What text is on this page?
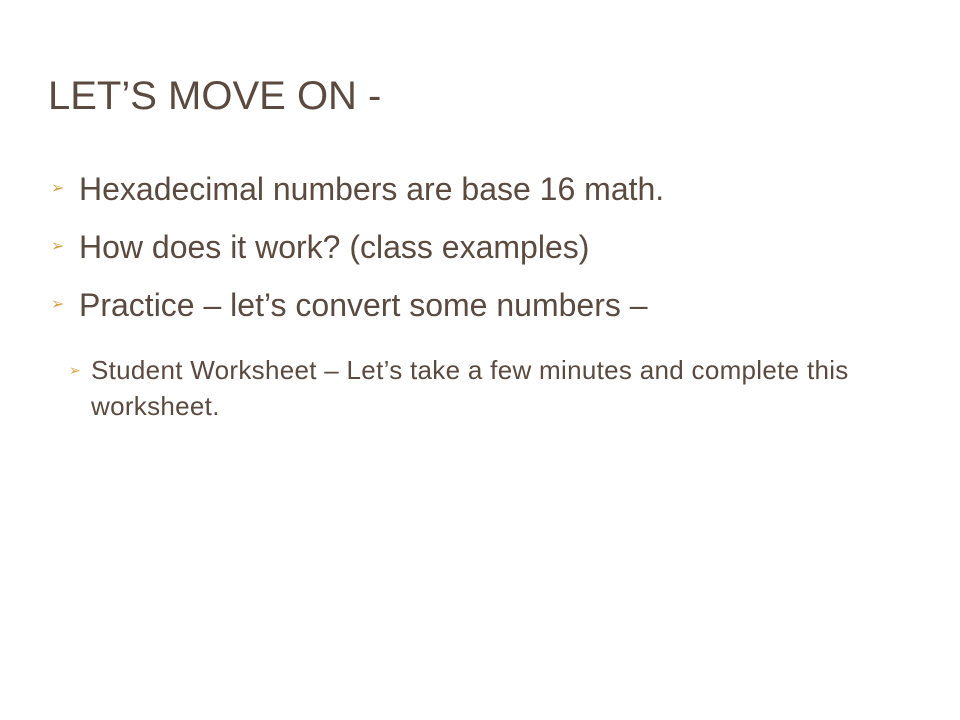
LET’S MOVE ON -
➢ Hexadecimal numbers are base 16 math.
➢ How does it work? (class examples)
➢ Practice – let’s convert some numbers –
➢ Student Worksheet – Let’s take a few minutes and complete this worksheet.
